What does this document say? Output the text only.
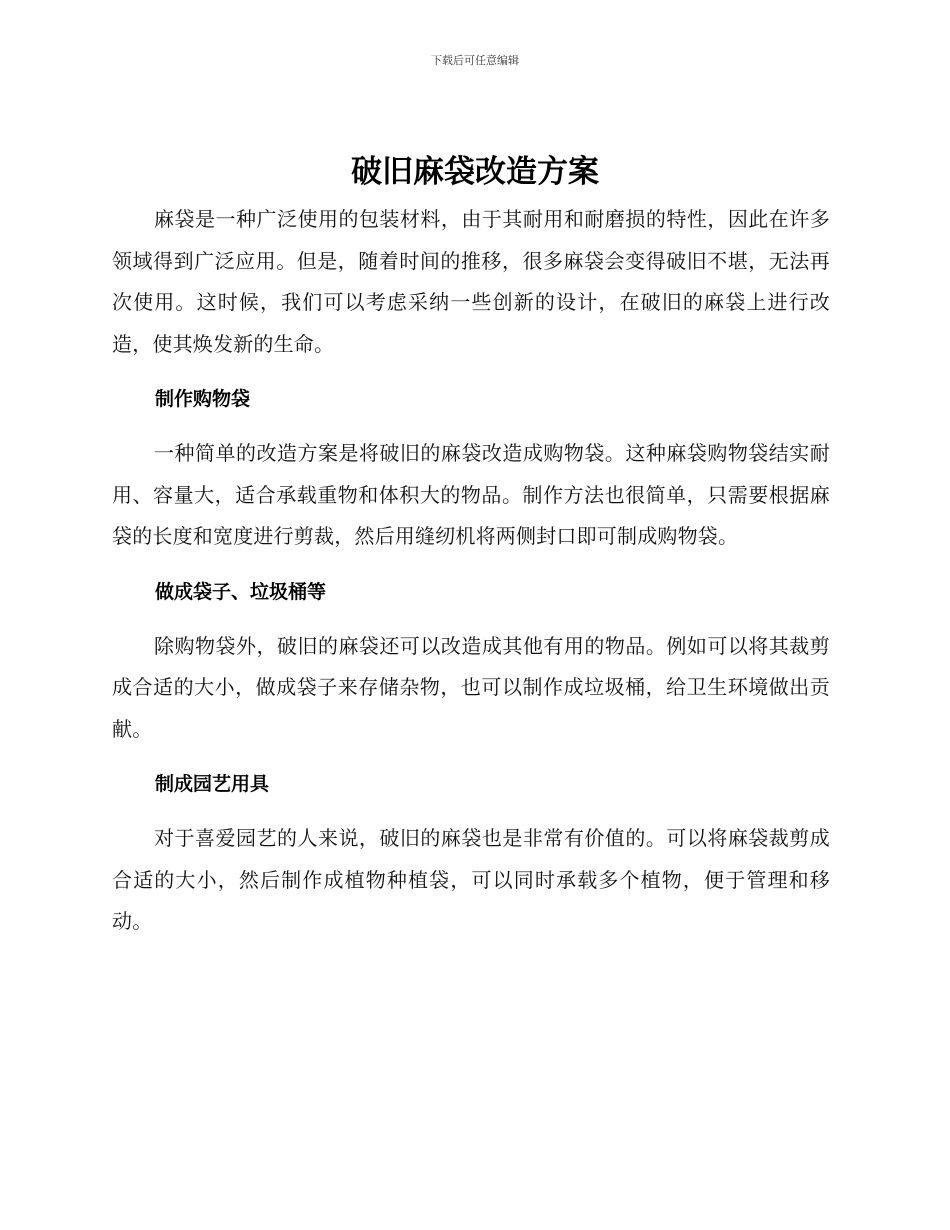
下载后可任意编辑
破旧麻袋改造方案

麻袋是一种广泛使用的包装材料，由于其耐用和耐磨损的特性，因此在许多领域得到广泛应用。但是，随着时间的推移，很多麻袋会变得破旧不堪，无法再次使用。这时候，我们可以考虑采纳一些创新的设计，在破旧的麻袋上进行改造，使其焕发新的生命。

制作购物袋

一种简单的改造方案是将破旧的麻袋改造成购物袋。这种麻袋购物袋结实耐用、容量大，适合承载重物和体积大的物品。制作方法也很简单，只需要根据麻袋的长度和宽度进行剪裁，然后用缝纫机将两侧封口即可制成购物袋。

做成袋子、垃圾桶等

除购物袋外，破旧的麻袋还可以改造成其他有用的物品。例如可以将其裁剪成合适的大小，做成袋子来存储杂物，也可以制作成垃圾桶，给卫生环境做出贡献。

制成园艺用具

对于喜爱园艺的人来说，破旧的麻袋也是非常有价值的。可以将麻袋裁剪成合适的大小，然后制作成植物种植袋，可以同时承载多个植物，便于管理和移动。
